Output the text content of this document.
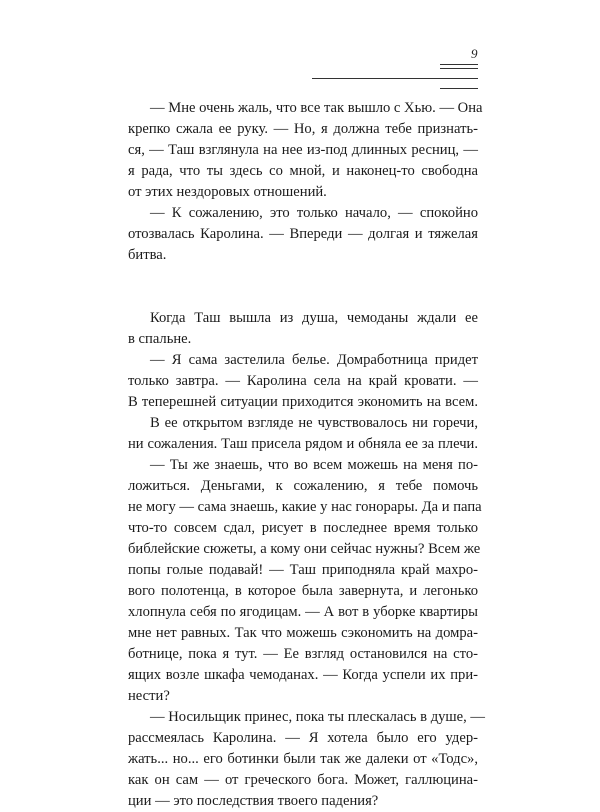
9
— Мне очень жаль, что все так вышло с Хью. — Она
крепко сжала ее руку. — Но, я должна тебе признать-
ся, — Таш взглянула на нее из-под длинных ресниц, —
я рада, что ты здесь со мной, и наконец-то свободна
от этих нездоровых отношений.
— К сожалению, это только начало, — спокойно
отозвалась Каролина. — Впереди — долгая и тяжелая
битва.
Когда Таш вышла из душа, чемоданы ждали ее
в спальне.
— Я сама застелила белье. Домработница придет
только завтра. — Каролина села на край кровати. —
В теперешней ситуации приходится экономить на всем.
В ее открытом взгляде не чувствовалось ни горечи,
ни сожаления. Таш присела рядом и обняла ее за плечи.
— Ты же знаешь, что во всем можешь на меня по-
ложиться. Деньгами, к сожалению, я тебе помочь
не могу — сама знаешь, какие у нас гонорары. Да и папа
что-то совсем сдал, рисует в последнее время только
библейские сюжеты, а кому они сейчас нужны? Всем же
попы голые подавай! — Таш приподняла край махро-
вого полотенца, в которое была завернута, и легонько
хлопнула себя по ягодицам. — А вот в уборке квартиры
мне нет равных. Так что можешь сэкономить на домра-
ботнице, пока я тут. — Ее взгляд остановился на сто-
ящих возле шкафа чемоданах. — Когда успели их при-
нести?
— Носильщик принес, пока ты плескалась в душе, —
рассмеялась Каролина. — Я хотела было его удер-
жать... но... его ботинки были так же далеки от «Тодс»,
как он сам — от греческого бога. Может, галлюцина-
ции — это последствия твоего падения?
